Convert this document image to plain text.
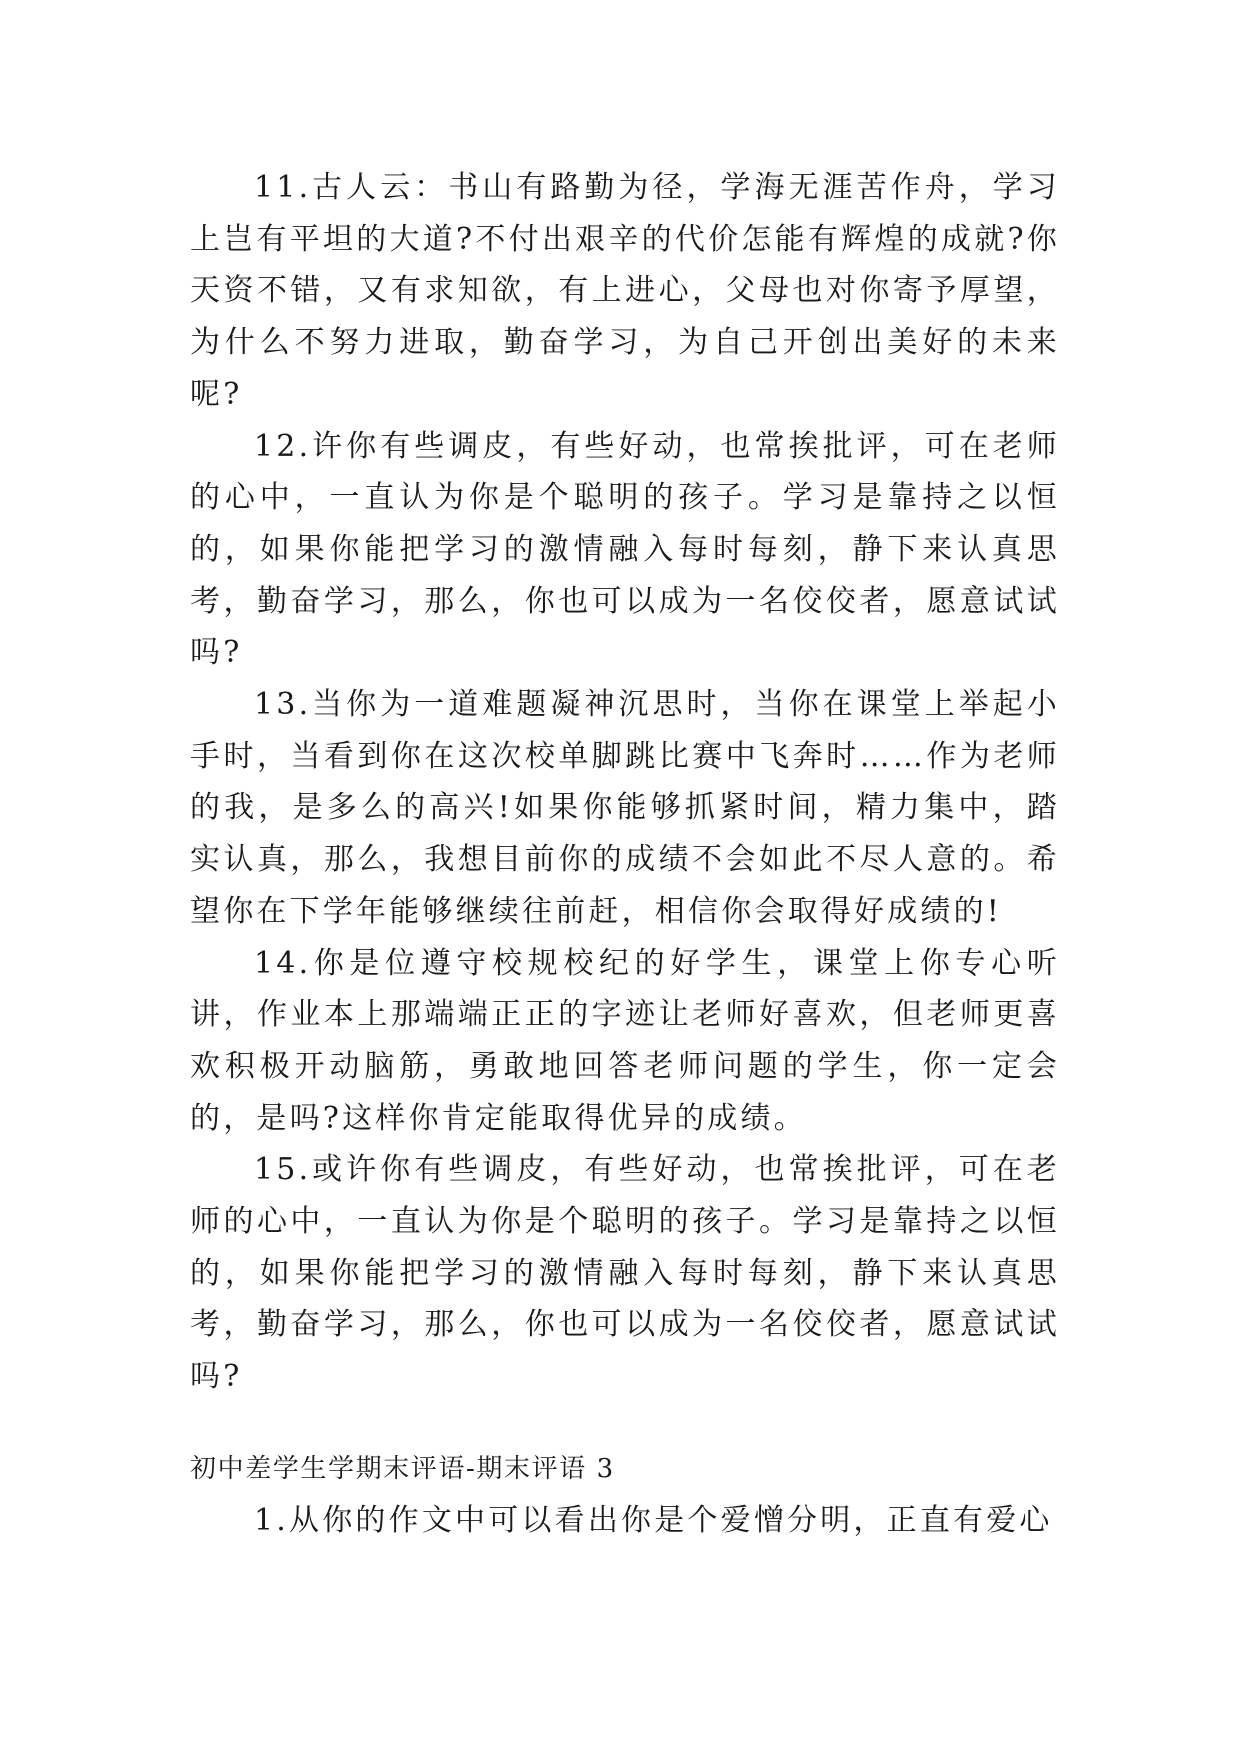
11.古人云：书山有路勤为径，学海无涯苦作舟，学习上岂有平坦的大道?不付出艰辛的代价怎能有辉煌的成就?你天资不错，又有求知欲，有上进心，父母也对你寄予厚望，为什么不努力进取，勤奋学习，为自己开创出美好的未来呢?

12.许你有些调皮，有些好动，也常挨批评，可在老师的心中，一直认为你是个聪明的孩子。学习是靠持之以恒的，如果你能把学习的激情融入每时每刻，静下来认真思考，勤奋学习，那么，你也可以成为一名佼佼者，愿意试试吗?

13.当你为一道难题凝神沉思时，当你在课堂上举起小手时，当看到你在这次校单脚跳比赛中飞奔时……作为老师的我，是多么的高兴!如果你能够抓紧时间，精力集中，踏实认真，那么，我想目前你的成绩不会如此不尽人意的。希望你在下学年能够继续往前赶，相信你会取得好成绩的!

14.你是位遵守校规校纪的好学生，课堂上你专心听讲，作业本上那端端正正的字迹让老师好喜欢，但老师更喜欢积极开动脑筋，勇敢地回答老师问题的学生，你一定会的，是吗?这样你肯定能取得优异的成绩。

15.或许你有些调皮，有些好动，也常挨批评，可在老师的心中，一直认为你是个聪明的孩子。学习是靠持之以恒的，如果你能把学习的激情融入每时每刻，静下来认真思考，勤奋学习，那么，你也可以成为一名佼佼者，愿意试试吗?

初中差学生学期末评语-期末评语 3

1.从你的作文中可以看出你是个爱憎分明，正直有爱心
